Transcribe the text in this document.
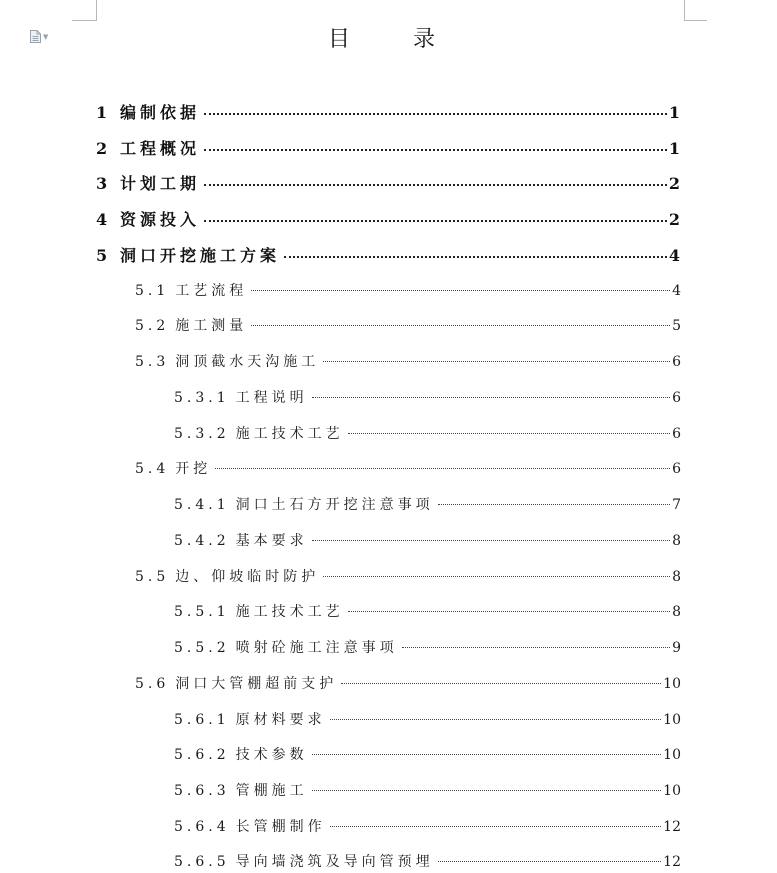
▼	目 录
1 编制依据	1
2 工程概况	1
3 计划工期	2
4 资源投入	2
5 洞口开挖施工方案	4
5.1 工艺流程	4
5.2 施工测量	5
5.3 洞顶截水天沟施工	6
5.3.1 工程说明	6
5.3.2 施工技术工艺	6
5.4 开挖	6
5.4.1 洞口土石方开挖注意事项	7
5.4.2 基本要求	8
5.5 边、仰坡临时防护	8
5.5.1 施工技术工艺	8
5.5.2 喷射砼施工注意事项	9
5.6 洞口大管棚超前支护	10
5.6.1 原材料要求	10
5.6.2 技术参数	10
5.6.3 管棚施工	10
5.6.4 长管棚制作	12
5.6.5 导向墙浇筑及导向管预埋	12
